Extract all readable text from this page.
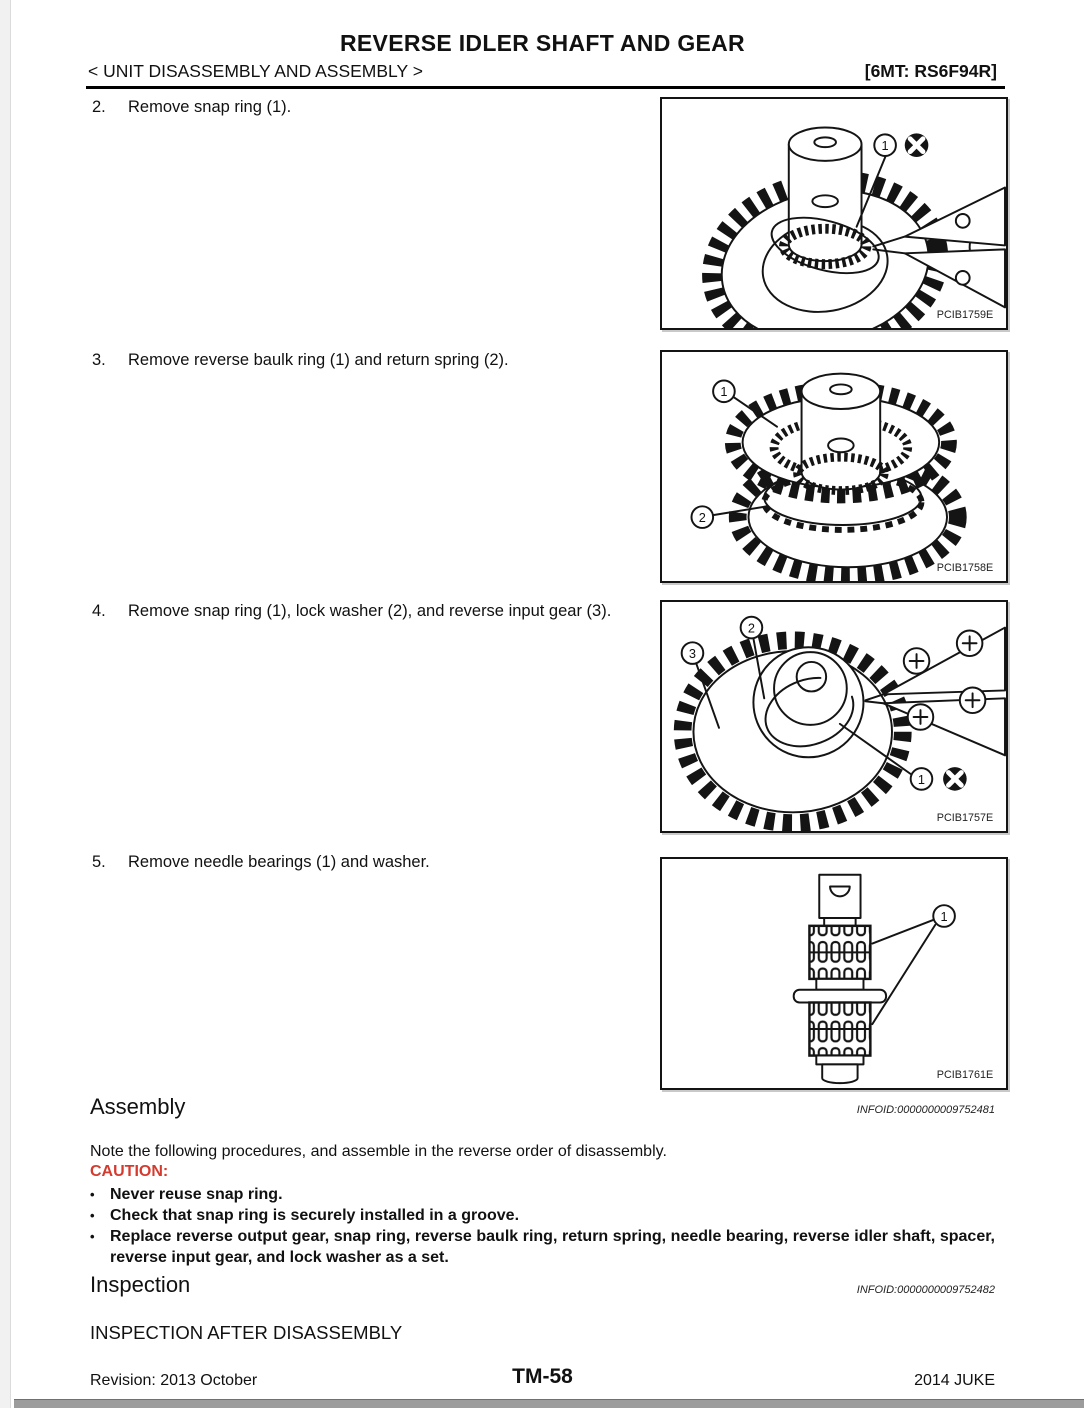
REVERSE IDLER SHAFT AND GEAR
< UNIT DISASSEMBLY AND ASSEMBLY >	[6MT: RS6F94R]
2.	Remove snap ring (1).
3.	Remove reverse baulk ring (1) and return spring (2).
4.	Remove snap ring (1), lock washer (2), and reverse input gear (3).
5.	Remove needle bearings (1) and washer.
1
PCIB1759E
1
2
PCIB1758E
3
2
1
PCIB1757E
1
PCIB1761E
Assembly	INFOID:0000000009752481
Note the following procedures, and assemble in the reverse order of disassembly.
CAUTION:
• Never reuse snap ring.
• Check that snap ring is securely installed in a groove.
• Replace reverse output gear, snap ring, reverse baulk ring, return spring, needle bearing, reverse idler shaft, spacer, reverse input gear, and lock washer as a set.
Inspection	INFOID:0000000009752482
INSPECTION AFTER DISASSEMBLY
TM-58
Revision: 2013 October	2014 JUKE
